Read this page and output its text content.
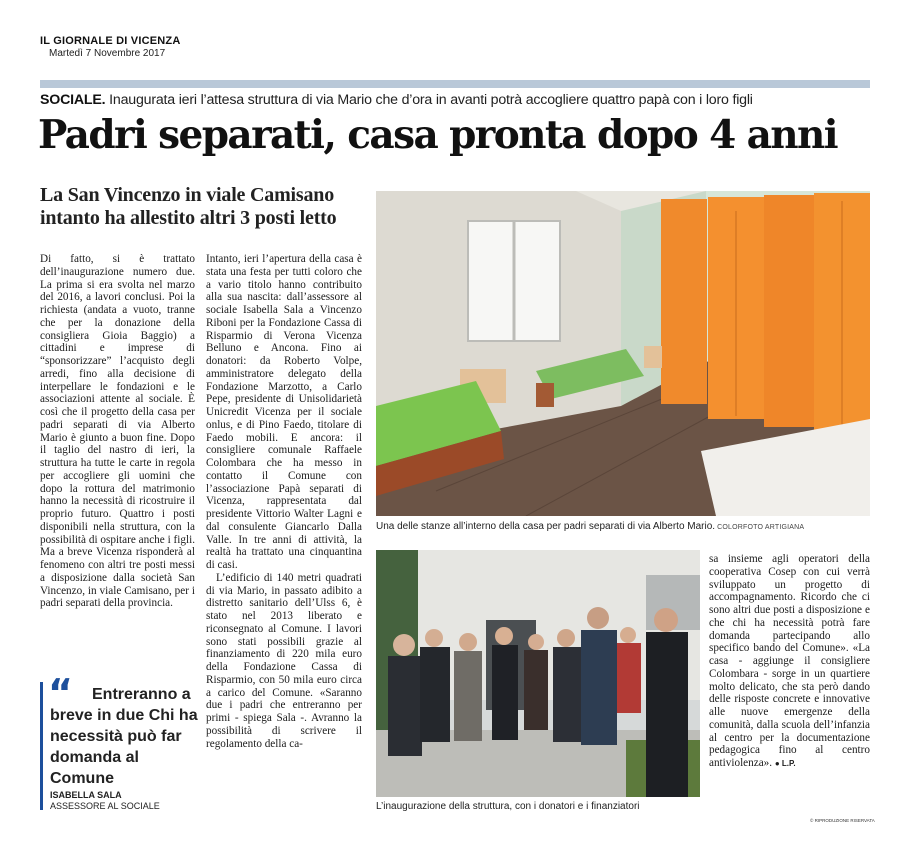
IL GIORNALE DI VICENZA
Martedì 7 Novembre 2017
SOCIALE. Inaugurata ieri l’attesa struttura di via Mario che d’ora in avanti potrà accogliere quattro papà con i loro figli
Padri separati, casa pronta dopo 4 anni
La San Vincenzo in viale Camisano intanto ha allestito altri 3 posti letto

Di fatto, si è trattato dell’inaugurazione numero due. La prima si era svolta nel marzo del 2016, a lavori conclusi. Poi la richiesta (andata a vuoto, tranne che per la donazione della consigliera Gioia Baggio) a cittadini e imprese di “sponsorizzare” l’acquisto degli arredi, fino alla decisione di interpellare le fondazioni e le associazioni attente al sociale. È così che il progetto della casa per padri separati di via Alberto Mario è giunto a buon fine. Dopo il taglio del nastro di ieri, la struttura ha tutte le carte in regola per accogliere gli uomini che dopo la rottura del matrimonio hanno la necessità di ricostruire il proprio futuro. Quattro i posti disponibili nella struttura, con la possibilità di ospitare anche i figli. Ma a breve Vicenza risponderà al fenomeno con altri tre posti messi a disposizione dalla società San Vincenzo, in viale Camisano, per i padri separati della provincia.

“	Entreranno a breve in due Chi ha necessità può far domanda al Comune
ISABELLA SALA
ASSESSORE AL SOCIALE

Intanto, ieri l’apertura della casa è stata una festa per tutti coloro che a vario titolo hanno contribuito alla sua nascita: dall’assessore al sociale Isabella Sala a Vincenzo Riboni per la Fondazione Cassa di Risparmio di Verona Vicenza Belluno e Ancona. Fino ai donatori: da Roberto Volpe, amministratore delegato della Fondazione Marzotto, a Carlo Pepe, presidente di Unisolidarietà Unicredit Vicenza per il sociale onlus, e di Pino Faedo, titolare di Faedo mobili. E ancora: il consigliere comunale Raffaele Colombara che ha messo in contatto il Comune con l’associazione Papà separati di Vicenza, rappresentata dal presidente Vittorio Walter Lagni e dal consulente Giancarlo Dalla Valle. In tre anni di attività, la realtà ha trattato una cinquantina di casi.

L’edificio di 140 metri quadrati di via Mario, in passato adibito a distretto sanitario dell’Ulss 6, è stato nel 2013 liberato e riconsegnato al Comune. I lavori sono stati possibili grazie al finanziamento di 220 mila euro della Fondazione Cassa di Risparmio, con 50 mila euro circa a carico del Comune. «Saranno due i padri che entreranno per primi - spiega Sala -. Avranno la possibilità di scrivere il regolamento della ca-

Una delle stanze all’interno della casa per padri separati di via Alberto Mario. COLORFOTO ARTIGIANA
L’inaugurazione della struttura, con i donatori e i finanziatori

sa insieme agli operatori della cooperativa Cosep con cui verrà sviluppato un progetto di accompagnamento. Ricordo che ci sono altri due posti a disposizione e che chi ha necessità potrà fare domanda partecipando allo specifico bando del Comune». «La casa - aggiunge il consigliere Colombara - sorge in un quartiere molto delicato, che sta però dando delle risposte concrete e innovative alle nuove emergenze della comunità, dalla scuola dell’infanzia al centro per la documentazione pedagogica fino al centro antiviolenza». ● L.P.

© RIPRODUZIONE RISERVATA
